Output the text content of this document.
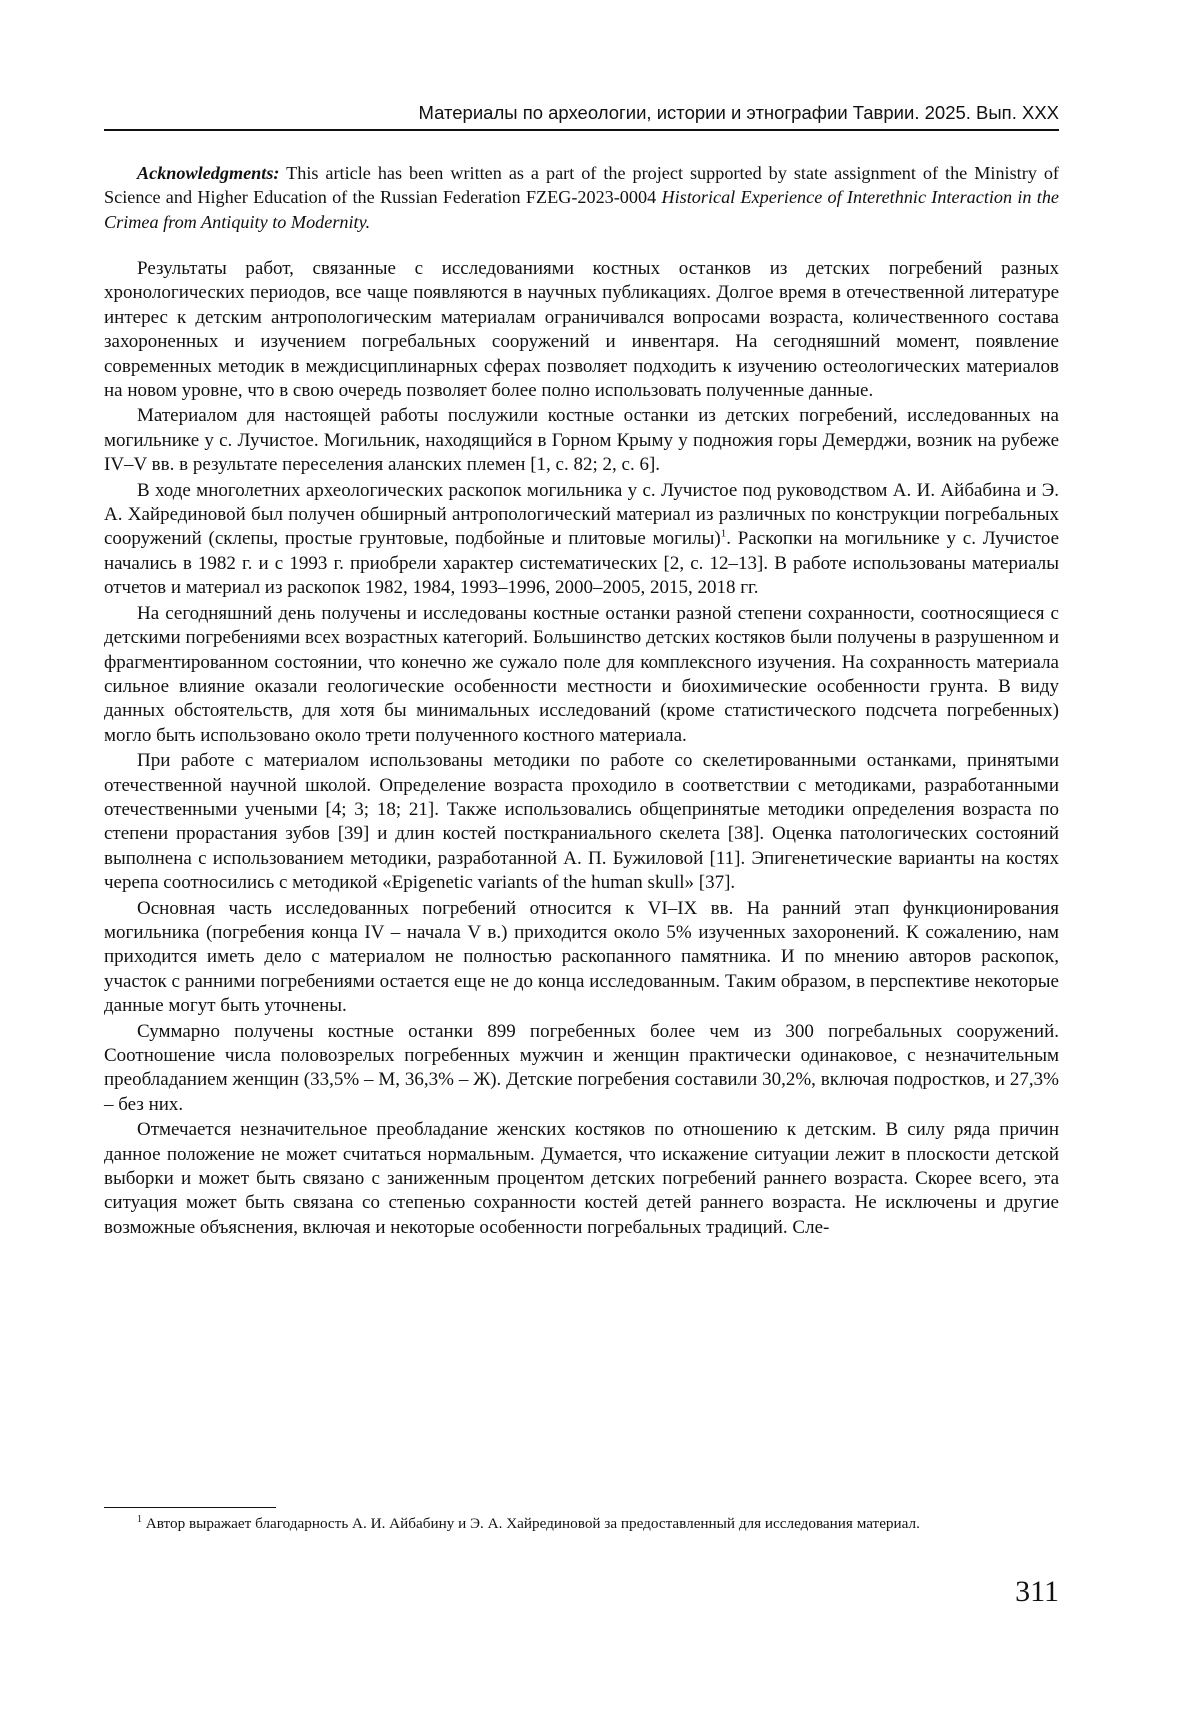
Материалы по археологии, истории и этнографии Таврии. 2025. Вып. XXX

Acknowledgments: This article has been written as a part of the project supported by state assignment of the Ministry of Science and Higher Education of the Russian Federation FZEG-2023-0004 Historical Experience of Interethnic Interaction in the Crimea from Antiquity to Modernity.

Результаты работ, связанные с исследованиями костных останков из детских погребений разных хронологических периодов, все чаще появляются в научных публикациях. Долгое время в отечественной литературе интерес к детским антропологическим материалам ограничивался вопросами возраста, количественного состава захороненных и изучением погребальных сооружений и инвентаря. На сегодняшний момент, появление современных методик в междисциплинарных сферах позволяет подходить к изучению остеологических материалов на новом уровне, что в свою очередь позволяет более полно использовать полученные данные.

Материалом для настоящей работы послужили костные останки из детских погребений, исследованных на могильнике у с. Лучистое. Могильник, находящийся в Горном Крыму у подножия горы Демерджи, возник на рубеже IV–V вв. в результате переселения аланских племен [1, с. 82; 2, с. 6].

В ходе многолетних археологических раскопок могильника у с. Лучистое под руководством А. И. Айбабина и Э. А. Хайрединовой был получен обширный антропологический материал из различных по конструкции погребальных сооружений (склепы, простые грунтовые, подбойные и плитовые могилы)$^1$. Раскопки на могильнике у с. Лучистое начались в 1982 г. и с 1993 г. приобрели характер систематических [2, с. 12–13]. В работе использованы материалы отчетов и материал из раскопок 1982, 1984, 1993–1996, 2000–2005, 2015, 2018 гг.

На сегодняшний день получены и исследованы костные останки разной степени сохранности, соотносящиеся с детскими погребениями всех возрастных категорий. Большинство детских костяков были получены в разрушенном и фрагментированном состоянии, что конечно же сужало поле для комплексного изучения. На сохранность материала сильное влияние оказали геологические особенности местности и биохимические особенности грунта. В виду данных обстоятельств, для хотя бы минимальных исследований (кроме статистического подсчета погребенных) могло быть использовано около трети полученного костного материала.

При работе с материалом использованы методики по работе со скелетированными останками, принятыми отечественной научной школой. Определение возраста проходило в соответствии с методиками, разработанными отечественными учеными [4; 3; 18; 21]. Также использовались общепринятые методики определения возраста по степени прорастания зубов [39] и длин костей посткраниального скелета [38]. Оценка патологических состояний выполнена с использованием методики, разработанной А. П. Бужиловой [11]. Эпигенетические варианты на костях черепа соотносились с методикой «Epigenetic variants of the human skull» [37].

Основная часть исследованных погребений относится к VI–IX вв. На ранний этап функционирования могильника (погребения конца IV – начала V в.) приходится около 5% изученных захоронений. К сожалению, нам приходится иметь дело с материалом не полностью раскопанного памятника. И по мнению авторов раскопок, участок с ранними погребениями остается еще не до конца исследованным. Таким образом, в перспективе некоторые данные могут быть уточнены.

Суммарно получены костные останки 899 погребенных более чем из 300 погребальных сооружений. Соотношение числа половозрелых погребенных мужчин и женщин практически одинаковое, с незначительным преобладанием женщин (33,5% – М, 36,3% – Ж). Детские погребения составили 30,2%, включая подростков, и 27,3% – без них.

Отмечается незначительное преобладание женских костяков по отношению к детским. В силу ряда причин данное положение не может считаться нормальным. Думается, что искажение ситуации лежит в плоскости детской выборки и может быть связано с заниженным процентом детских погребений раннего возраста. Скорее всего, эта ситуация может быть связана со степенью сохранности костей детей раннего возраста. Не исключены и другие возможные объяснения, включая и некоторые особенности погребальных традиций. Сле-

$^1$ Автор выражает благодарность А. И. Айбабину и Э. А. Хайрединовой за предоставленный для исследования материал.

311
